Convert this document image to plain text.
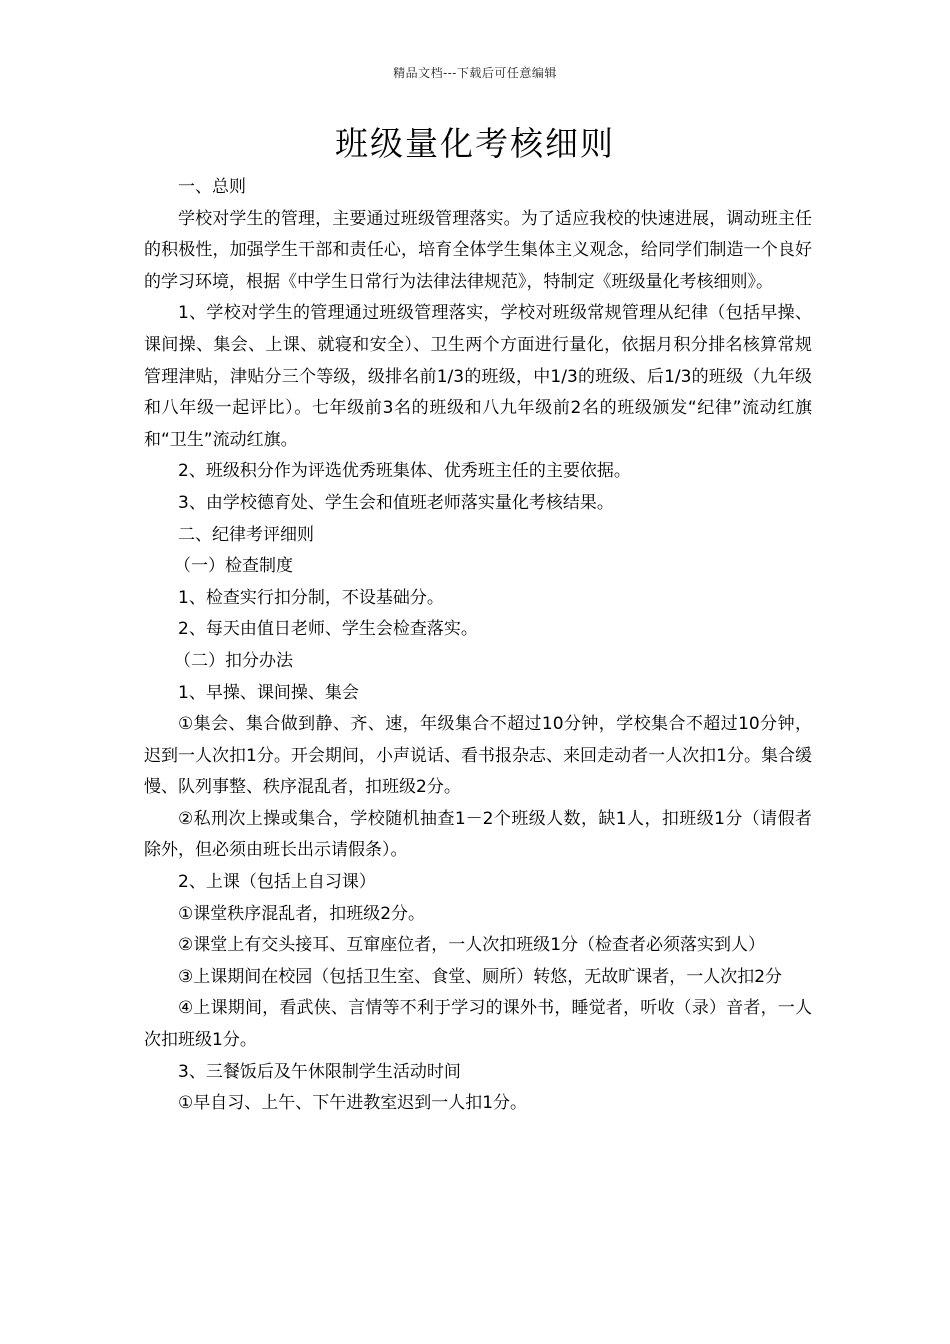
精品文档---下载后可任意编辑
班级量化考核细则

一、总则

学校对学生的管理，主要通过班级管理落实。为了适应我校的快速进展，调动班主任的积极性，加强学生干部和责任心，培育全体学生集体主义观念，给同学们制造一个良好的学习环境，根据《中学生日常行为法律法律规范》，特制定《班级量化考核细则》。

1、学校对学生的管理通过班级管理落实，学校对班级常规管理从纪律（包括早操、课间操、集会、上课、就寝和安全）、卫生两个方面进行量化，依据月积分排名核算常规管理津贴，津贴分三个等级，级排名前1/3的班级，中1/3的班级、后1/3的班级（九年级和八年级一起评比）。七年级前3名的班级和八九年级前2名的班级颁发“纪律”流动红旗和“卫生”流动红旗。

2、班级积分作为评选优秀班集体、优秀班主任的主要依据。

3、由学校德育处、学生会和值班老师落实量化考核结果。

二、纪律考评细则

（一）检查制度

1、检查实行扣分制，不设基础分。

2、每天由值日老师、学生会检查落实。

（二）扣分办法

1、早操、课间操、集会

①集会、集合做到静、齐、速，年级集合不超过10分钟，学校集合不超过10分钟，迟到一人次扣1分。开会期间，小声说话、看书报杂志、来回走动者一人次扣1分。集合缓慢、队列事整、秩序混乱者，扣班级2分。

②私刑次上操或集合，学校随机抽查1－2个班级人数，缺1人，扣班级1分（请假者除外，但必须由班长出示请假条）。

2、上课（包括上自习课）

①课堂秩序混乱者，扣班级2分。

②课堂上有交头接耳、互窜座位者，一人次扣班级1分（检查者必须落实到人）

③上课期间在校园（包括卫生室、食堂、厕所）转悠，无故旷课者，一人次扣2分

④上课期间，看武侠、言情等不利于学习的课外书，睡觉者，听收（录）音者，一人次扣班级1分。

3、三餐饭后及午休限制学生活动时间

①早自习、上午、下午进教室迟到一人扣1分。
